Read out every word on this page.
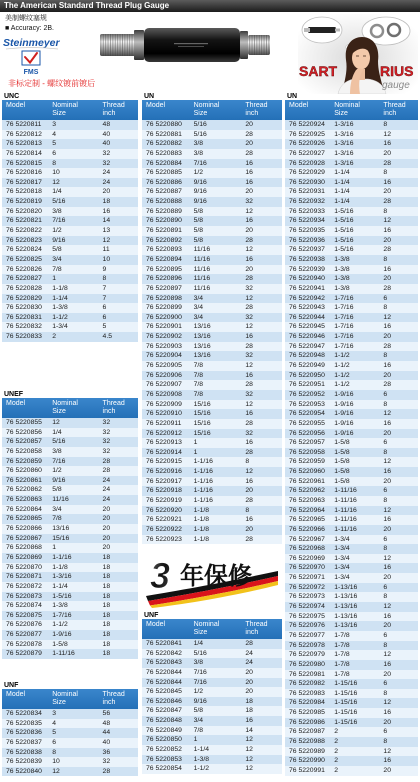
The American Standard Thread Plug Gauge
美制螺纹塞规
■ Accuracy: 2B.
Steinmeyer
FMS	SART	RIUS
gauge
非标定制 - 螺纹镀前镀后
UNC
Model	Nominal
Size
Thread
inch
76 5220811	3	48
76 5220812	4	40
76 5220813	5	40
76 5220814	6	32
76 5220815	8	32
76 5220816	10	24
76 5220817	12	24
76 5220818	1/4	20
76 5220819	5/16	18
76 5220820	3/8	16
76 5220821	7/16	14
76 5220822	1/2	13
76 5220823	9/16	12
76 5220824	5/8	11
76 5220825	3/4	10
76 5220826	7/8	9
76 5220827	1	8
76 5220828	1-1/8	7
76 5220829	1-1/4	7
76 5220830	1-3/8	6
76 5220831	1-1/2	6
76 5220832	1-3/4	5
76 5220833	2	4.5
UNEF
Model	Nominal
Size
Thread
inch
76 5220855	12	32
76 5220856	1/4	32
76 5220857	5/16	32
76 5220858	3/8	32
76 5220859	7/16	28
76 5220860	1/2	28
76 5220861	9/16	24
76 5220862	5/8	24
76 5220863	11/16	24
76 5220864	3/4	20
76 5220865	7/8	20
76 5220866	13/16	20
76 5220867	15/16	20
76 5220868	1	20
76 5220869	1-1/16	18
76 5220870	1-1/8	18
76 5220871	1-3/16	18
76 5220872	1-1/4	18
76 5220873	1-5/16	18
76 5220874	1-3/8	18
76 5220875	1-7/16	18
76 5220876	1-1/2	18
76 5220877	1-9/16	18
76 5220878	1-5/8	18
76 5220879	1-11/16	18
UNF
Model	Nominal
Size
Thread
inch
76 5220834	3	56
76 5220835	4	48
76 5220836	5	44
76 5220837	6	40
76 5220838	8	36
76 5220839	10	32
76 5220840	12	28
UN
Model	Nominal
Size
Thread
inch
76 5220880	5/16	20
76 5220881	5/16	28
76 5220882	3/8	20
76 5220883	3/8	28
76 5220884	7/16	16
76 5220885	1/2	16
76 5220886	9/16	16
76 5220887	9/16	20
76 5220888	9/16	32
76 5220889	5/8	12
76 5220890	5/8	16
76 5220891	5/8	20
76 5220892	5/8	28
76 5220893	11/16	12
76 5220894	11/16	16
76 5220895	11/16	20
76 5220896	11/16	28
76 5220897	11/16	32
76 5220898	3/4	12
76 5220899	3/4	28
76 5220900	3/4	32
76 5220901	13/16	12
76 5220902	13/16	16
76 5220903	13/16	28
76 5220904	13/16	32
76 5220905	7/8	12
76 5220906	7/8	16
76 5220907	7/8	28
76 5220908	7/8	32
76 5220909	15/16	12
76 5220910	15/16	16
76 5220911	15/16	28
76 5220912	15/16	32
76 5220913	1	16
76 5220914	1	28
76 5220915	1-1/16	8
76 5220916	1-1/16	12
76 5220917	1-1/16	16
76 5220918	1-1/16	20
76 5220919	1-1/16	28
76 5220920	1-1/8	8
76 5220921	1-1/8	16
76 5220922	1-1/8	20
76 5220923	1-1/8	28
UNF
Model	Nominal
Size
Thread
inch
76 5220841	1/4	28
76 5220842	5/16	24
76 5220843	3/8	24
76 5220844	7/16	20
76 5220844	7/16	20
76 5220845	1/2	20
76 5220846	9/16	18
76 5220847	5/8	18
76 5220848	3/4	16
76 5220849	7/8	14
76 5220850	1	12
76 5220852	1-1/4	12
76 5220853	1-3/8	12
76 5220854	1-1/2	12
UN
Model	Nominal
Size
Thread
inch
76 5220924	1-3/16	8
76 5220925	1-3/16	12
76 5220926	1-3/16	16
76 5220927	1-3/16	20
76 5220928	1-3/16	28
76 5220929	1-1/4	8
76 5220930	1-1/4	16
76 5220931	1-1/4	20
76 5220932	1-1/4	28
76 5220933	1-5/16	8
76 5220934	1-5/16	12
76 5220935	1-5/16	16
76 5220936	1-5/16	20
76 5220937	1-5/16	28
76 5220938	1-3/8	8
76 5220939	1-3/8	16
76 5220940	1-3/8	20
76 5220941	1-3/8	28
76 5220942	1-7/16	6
76 5220943	1-7/16	8
76 5220944	1-7/16	12
76 5220945	1-7/16	16
76 5220946	1-7/16	20
76 5220947	1-7/16	28
76 5220948	1-1/2	8
76 5220949	1-1/2	16
76 5220950	1-1/2	20
76 5220951	1-1/2	28
76 5220952	1-9/16	6
76 5220953	1-9/16	8
76 5220954	1-9/16	12
76 5220955	1-9/16	16
76 5220956	1-9/16	20
76 5220957	1-5/8	6
76 5220958	1-5/8	8
76 5220959	1-5/8	12
76 5220960	1-5/8	16
76 5220961	1-5/8	20
76 5220962	1-11/16	6
76 5220963	1-11/16	8
76 5220964	1-11/16	12
76 5220965	1-11/16	16
76 5220966	1-11/16	20
76 5220967	1-3/4	6
76 5220968	1-3/4	8
76 5220969	1-3/4	12
76 5220970	1-3/4	16
76 5220971	1-3/4	20
76 5220972	1-13/16	6
76 5220973	1-13/16	8
76 5220974	1-13/16	12
76 5220975	1-13/16	16
76 5220976	1-13/16	20
76 5220977	1-7/8	6
76 5220978	1-7/8	8
76 5220979	1-7/8	12
76 5220980	1-7/8	16
76 5220981	1-7/8	20
76 5220982	1-15/16	6
76 5220983	1-15/16	8
76 5220984	1-15/16	12
76 5220985	1-15/16	16
76 5220986	1-15/16	20
76 5220987	2	6
76 5220988	2	8
76 5220989	2	12
76 5220990	2	16
76 5220991	2	20
3 年保修
